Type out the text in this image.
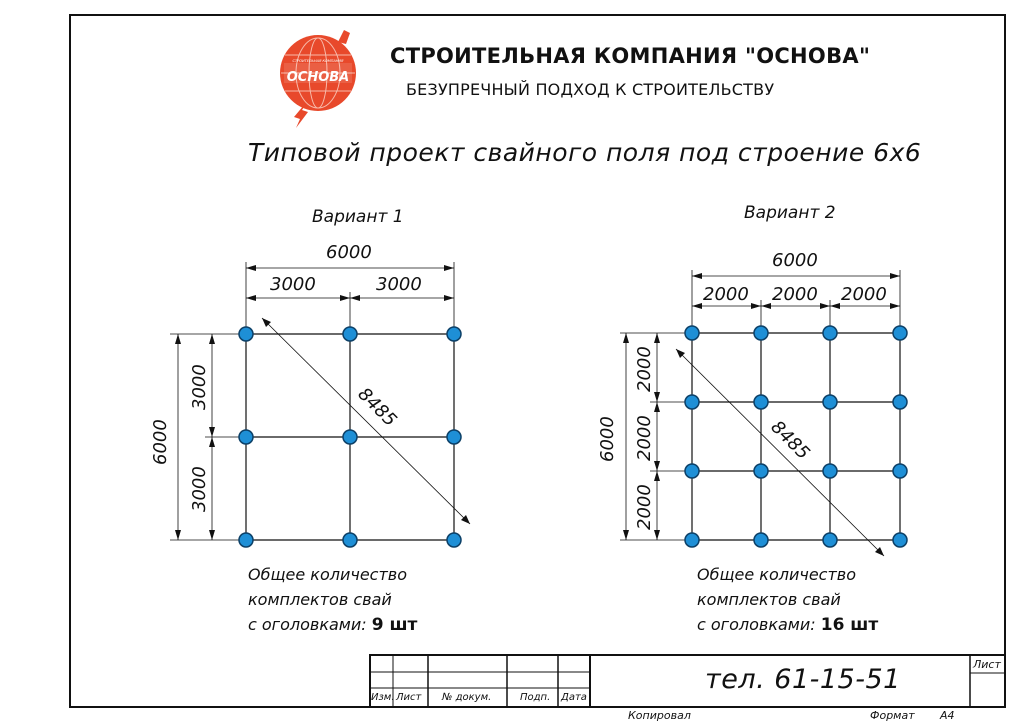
6000
3000	3000
6000
3000
3000
8485
6000
2000 2000 2000
6000
2000
2000
2000
8485
ОСНОВА
СТРОИТЕЛЬНАЯ КОМПАНИЯ СТРОИТЕЛЬНАЯ КОМПАНИЯ "ОСНОВА"
БЕЗУПРЕЧНЫЙ ПОДХОД К СТРОИТЕЛЬСТВУ
Типовой проект свайного поля под строение 6х6
Вариант 1	Вариант 2
Общее количество
комплектов свай
с оголовками: 9 шт
Общее количество
комплектов свай
с оголовками: 16 шт
Изм. Лист № докум.	Подп. Дата
тел. 61-15-51	Лист
Копировал	Формат А4
